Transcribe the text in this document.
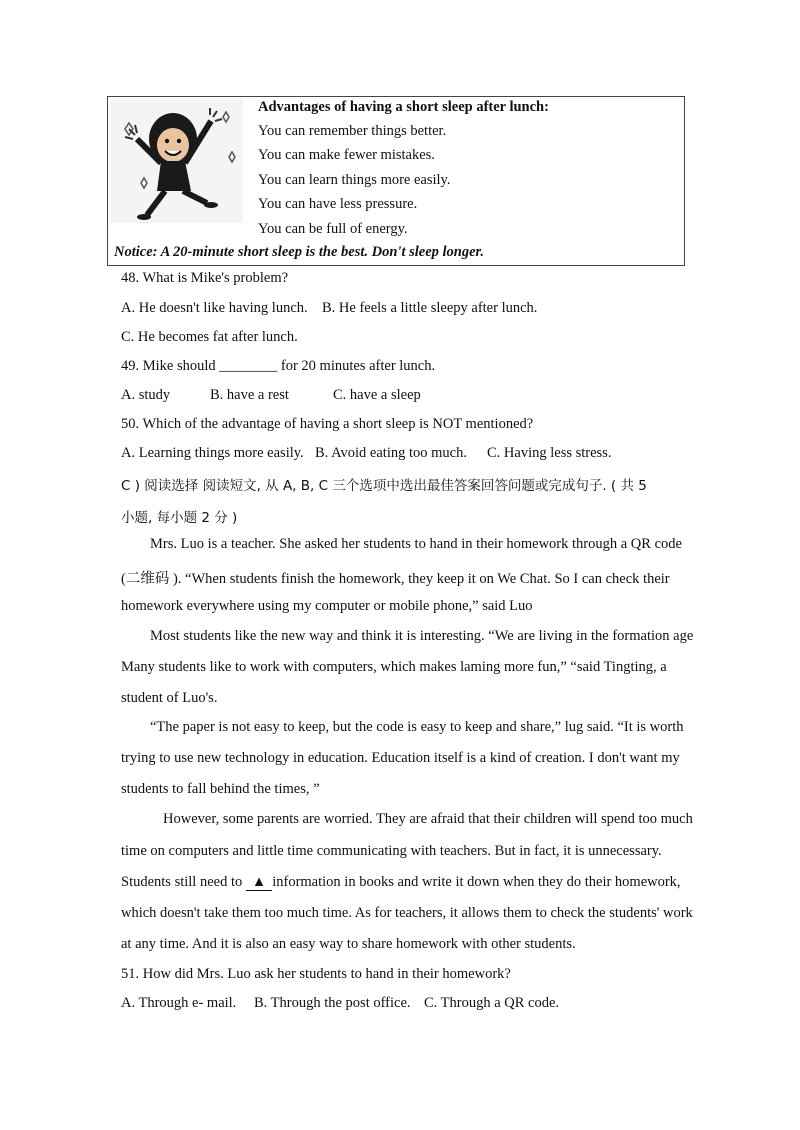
Advantages of having a short sleep after lunch:
You can remember things better.
You can make fewer mistakes.
You can learn things more easily.
You can have less pressure.
You can be full of energy.
Notice: A 20-minute short sleep is the best. Don't sleep longer.
48. What is Mike's problem?
A. He doesn't like having lunch. B. He feels a little sleepy after lunch.
C. He becomes fat after lunch.
49. Mike should ________ for 20 minutes after lunch.
A. study	B. have a rest	C. have a sleep
50. Which of the advantage of having a short sleep is NOT mentioned?
A. Learning things more easily. B. Avoid eating too much. C. Having less stress.
C ) 阅读选择 阅读短文, 从 A, B, C 三个选项中选出最佳答案回答问题或完成句子. ( 共 5
小题, 每小题 2 分 )
Mrs. Luo is a teacher. She asked her students to hand in their homework through a QR code
(二维码 ). “When students finish the homework, they keep it on We Chat. So I can check their
homework everywhere using my computer or mobile phone,” said Luo
Most students like the new way and think it is interesting. “We are living in the formation age
Many students like to work with computers, which makes laming more fun,” “said Tingting, a
student of Luo's.
“The paper is not easy to keep, but the code is easy to keep and share,” lug said. “It is worth
trying to use new technology in education. Education itself is a kind of creation. I don't want my
students to fall behind the times, ”
However, some parents are worried. They are afraid that their children will spend too much
time on computers and little time communicating with teachers. But in fact, it is unnecessary.
Students still need to ▲ information in books and write it down when they do their homework,
which doesn't take them too much time. As for teachers, it allows them to check the students' work
at any time. And it is also an easy way to share homework with other students.
51. How did Mrs. Luo ask her students to hand in their homework?
A. Through e- mail. B. Through the post office. C. Through a QR code.
